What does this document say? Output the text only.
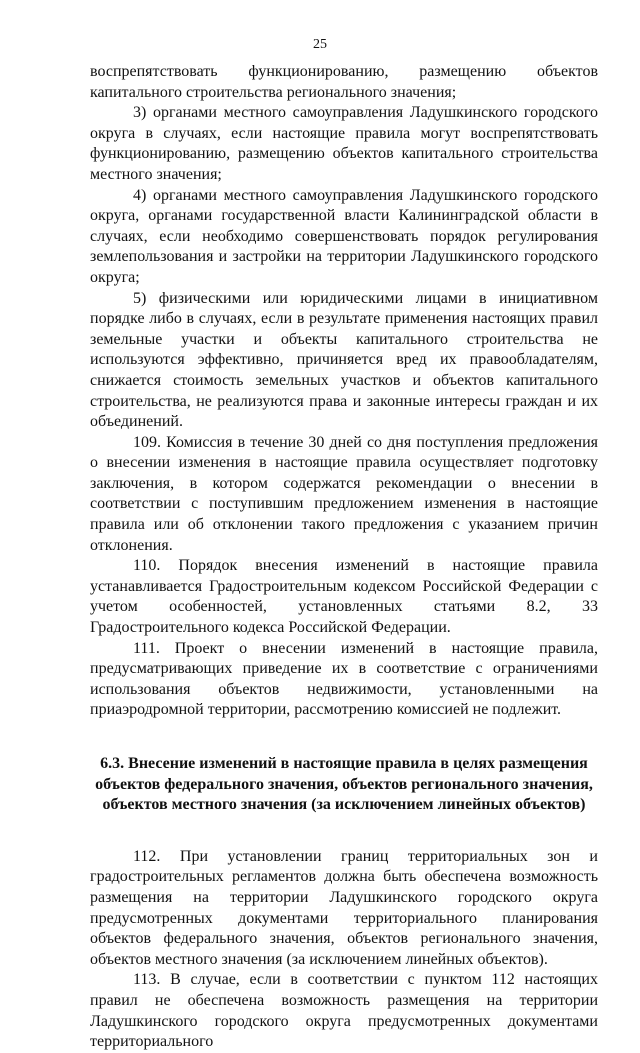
25

воспрепятствовать функционированию, размещению объектов капитального строительства регионального значения;

3) органами местного самоуправления Ладушкинского городского округа в случаях, если настоящие правила могут воспрепятствовать функционированию, размещению объектов капитального строительства местного значения;

4) органами местного самоуправления Ладушкинского городского округа, органами государственной власти Калининградской области в случаях, если необходимо совершенствовать порядок регулирования землепользования и застройки на территории Ладушкинского городского округа;

5) физическими или юридическими лицами в инициативном порядке либо в случаях, если в результате применения настоящих правил земельные участки и объекты капитального строительства не используются эффективно, причиняется вред их правообладателям, снижается стоимость земельных участков и объектов капитального строительства, не реализуются права и законные интересы граждан и их объединений.

109. Комиссия в течение 30 дней со дня поступления предложения о внесении изменения в настоящие правила осуществляет подготовку заключения, в котором содержатся рекомендации о внесении в соответствии с поступившим предложением изменения в настоящие правила или об отклонении такого предложения с указанием причин отклонения.

110. Порядок внесения изменений в настоящие правила устанавливается Градостроительным кодексом Российской Федерации с учетом особенностей, установленных статьями 8.2, 33 Градостроительного кодекса Российской Федерации.

111. Проект о внесении изменений в настоящие правила, предусматривающих приведение их в соответствие с ограничениями использования объектов недвижимости, установленными на приаэродромной территории, рассмотрению комиссией не подлежит.

6.3. Внесение изменений в настоящие правила в целях размещения объектов федерального значения, объектов регионального значения, объектов местного значения (за исключением линейных объектов)

112. При установлении границ территориальных зон и градостроительных регламентов должна быть обеспечена возможность размещения на территории Ладушкинского городского округа предусмотренных документами территориального планирования объектов федерального значения, объектов регионального значения, объектов местного значения (за исключением линейных объектов).

113. В случае, если в соответствии с пунктом 112 настоящих правил не обеспечена возможность размещения на территории Ладушкинского городского округа предусмотренных документами территориального
